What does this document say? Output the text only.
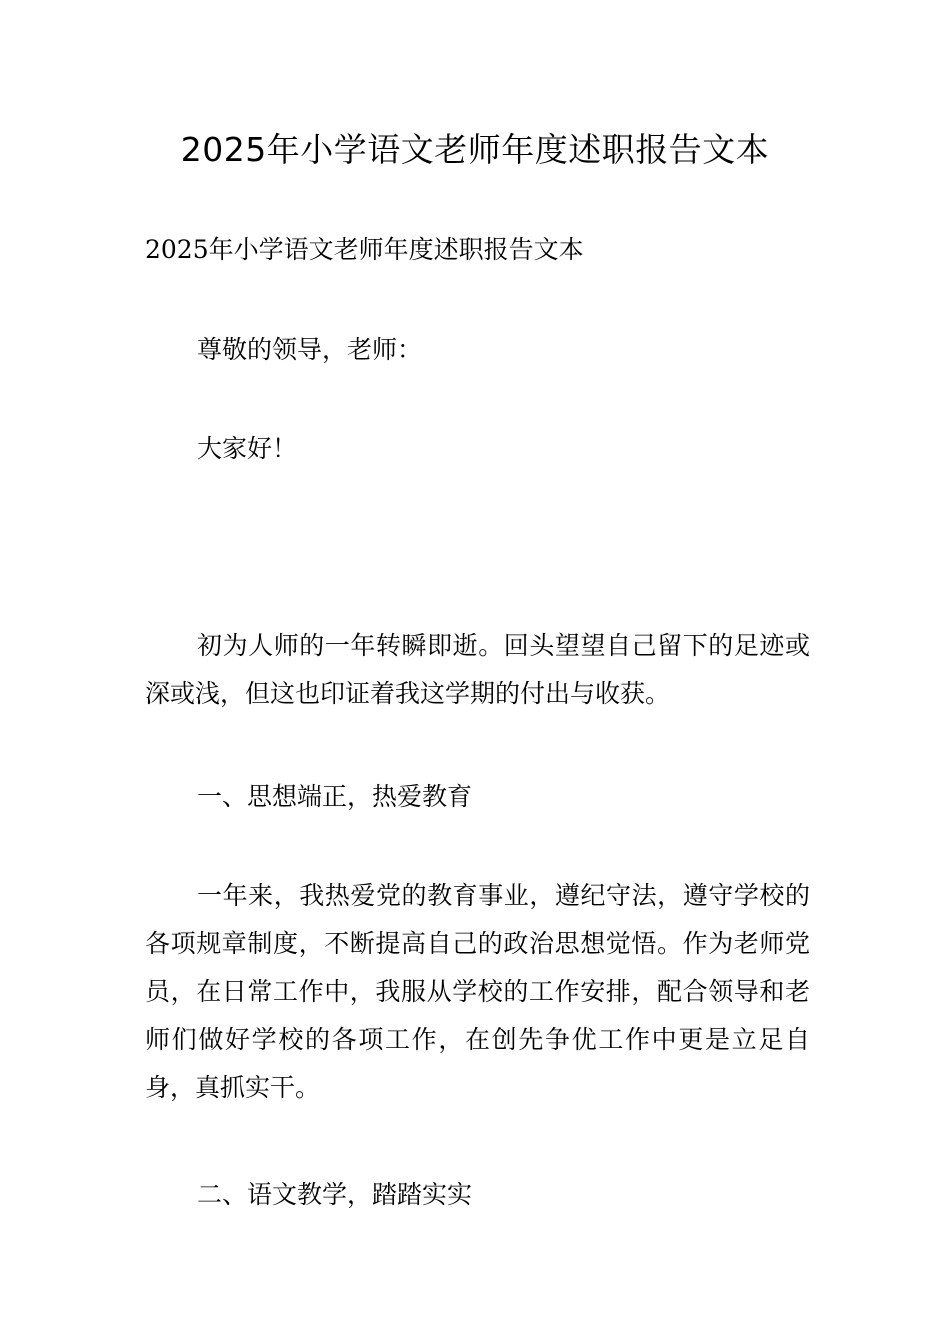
2025年小学语文老师年度述职报告文本
2025年小学语文老师年度述职报告文本
尊敬的领导，老师：
大家好！
初为人师的一年转瞬即逝。回头望望自己留下的足迹或深或浅，但这也印证着我这学期的付出与收获。
一、思想端正，热爱教育
一年来，我热爱党的教育事业，遵纪守法，遵守学校的各项规章制度，不断提高自己的政治思想觉悟。作为老师党员，在日常工作中，我服从学校的工作安排，配合领导和老师们做好学校的各项工作，在创先争优工作中更是立足自身，真抓实干。
二、语文教学，踏踏实实
